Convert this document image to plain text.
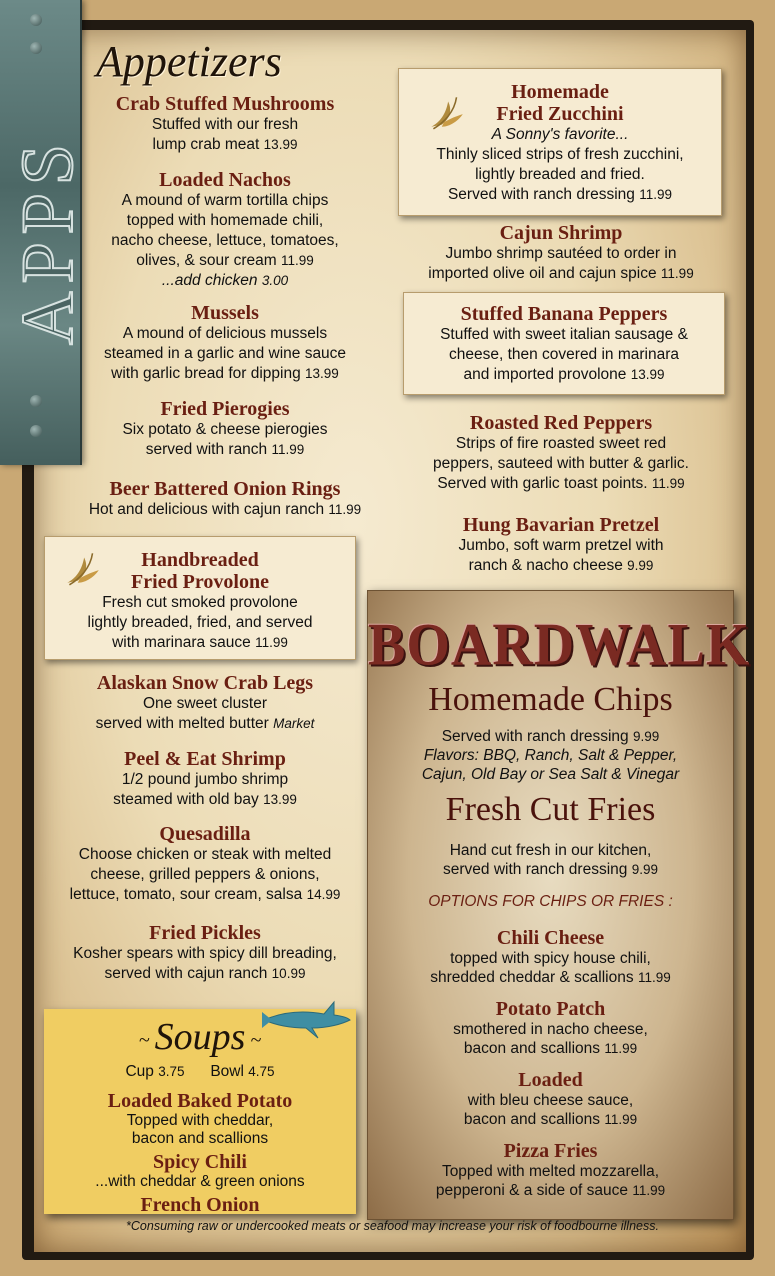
APPS
Appetizers
Crab Stuffed Mushrooms
Stuffed with our fresh
lump crab meat 13.99
Loaded Nachos
A mound of warm tortilla chips
topped with homemade chili,
nacho cheese, lettuce, tomatoes,
olives, & sour cream 11.99
...add chicken 3.00
Mussels
A mound of delicious mussels
steamed in a garlic and wine sauce
with garlic bread for dipping 13.99
Fried Pierogies
Six potato & cheese pierogies
served with ranch 11.99
Beer Battered Onion Rings
Hot and delicious with cajun ranch 11.99
Handbreaded
Fried Provolone
Fresh cut smoked provolone
lightly breaded, fried, and served
with marinara sauce 11.99
Alaskan Snow Crab Legs
One sweet cluster
served with melted butter Market
Peel & Eat Shrimp
1/2 pound jumbo shrimp
steamed with old bay 13.99
Quesadilla
Choose chicken or steak with melted
cheese, grilled peppers & onions,
lettuce, tomato, sour cream, salsa 14.99
Fried Pickles
Kosher spears with spicy dill breading,
served with cajun ranch 10.99
~ Soups ~
Cup 3.75 Bowl 4.75
Loaded Baked Potato
Topped with cheddar,
bacon and scallions
Spicy Chili
...with cheddar & green onions
French Onion
Homemade
Fried Zucchini
A Sonny's favorite...
Thinly sliced strips of fresh zucchini,
lightly breaded and fried.
Served with ranch dressing 11.99
Cajun Shrimp
Jumbo shrimp sautéed to order in
imported olive oil and cajun spice 11.99
Stuffed Banana Peppers
Stuffed with sweet italian sausage &
cheese, then covered in marinara
and imported provolone 13.99
Roasted Red Peppers
Strips of fire roasted sweet red
peppers, sauteed with butter & garlic.
Served with garlic toast points. 11.99
Hung Bavarian Pretzel
Jumbo, soft warm pretzel with
ranch & nacho cheese 9.99
BOARDWALK
Homemade Chips
Served with ranch dressing 9.99
Flavors: BBQ, Ranch, Salt & Pepper,
Cajun, Old Bay or Sea Salt & Vinegar
Fresh Cut Fries
Hand cut fresh in our kitchen,
served with ranch dressing 9.99
OPTIONS FOR CHIPS OR FRIES :
Chili Cheese
topped with spicy house chili,
shredded cheddar & scallions 11.99
Potato Patch
smothered in nacho cheese,
bacon and scallions 11.99
Loaded
with bleu cheese sauce,
bacon and scallions 11.99
Pizza Fries
Topped with melted mozzarella,
pepperoni & a side of sauce 11.99
*Consuming raw or undercooked meats or seafood may increase your risk of foodbourne illness.
